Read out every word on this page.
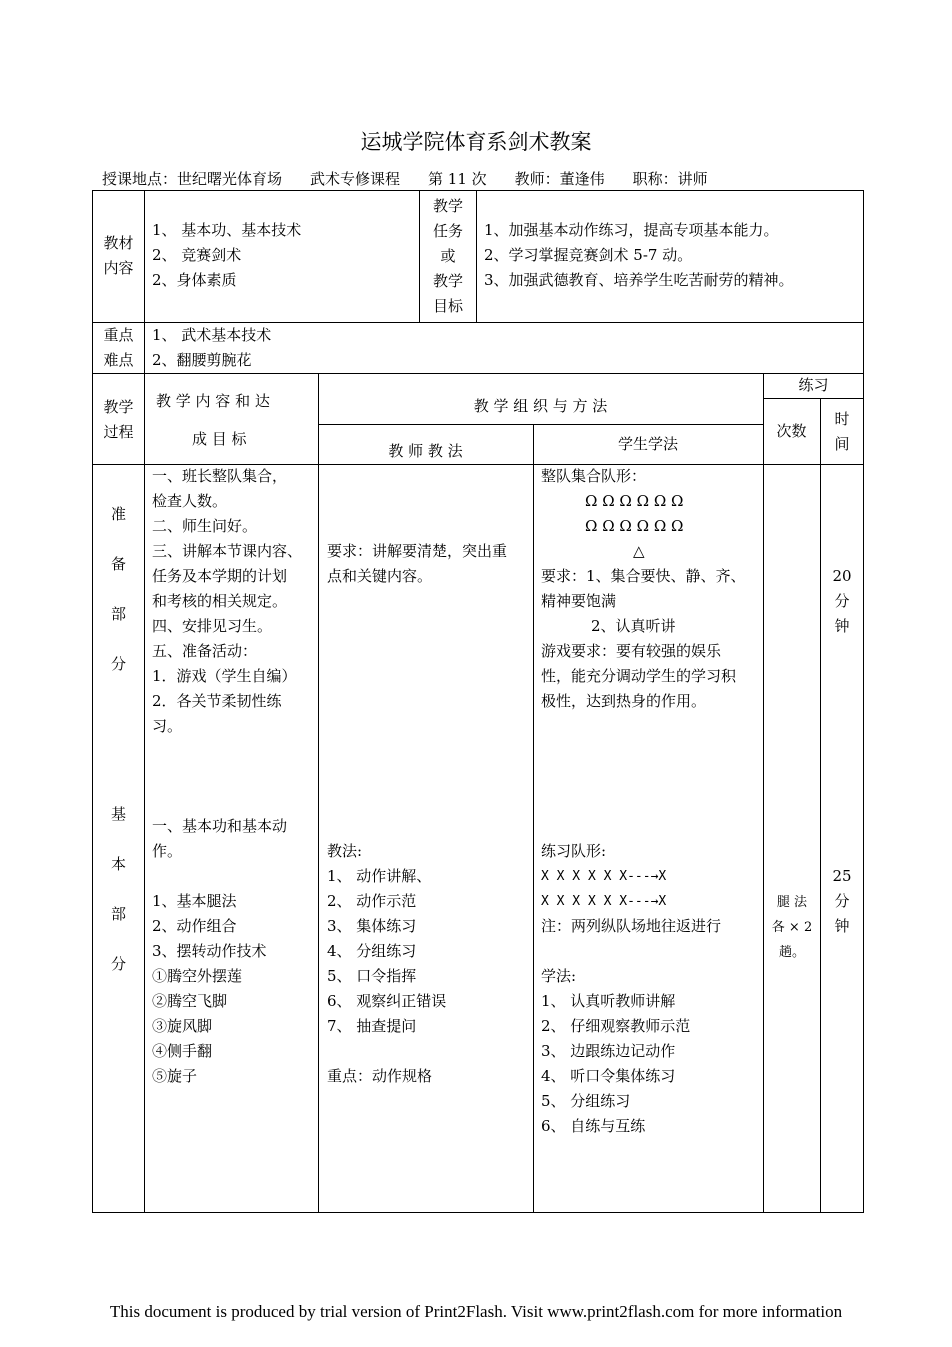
运城学院体育系剑术教案
授课地点：世纪曙光体育场 武术专修课程 第 11 次 教师：董逢伟 职称：讲师
教材
内容
1、 基本功、基本技术
2、 竞赛剑术
2、身体素质
教学
任务
或
教学
目标
1、加强基本动作练习，提高专项基本能力。
2、学习掌握竞赛剑术 5-7 动。
3、加强武德教育、培养学生吃苦耐劳的精神。
重点
难点
1、 武术基本技术
2、翻腰剪腕花
教学
过程
教 学 内 容 和 达
成 目 标
教 学 组 织 与 方 法
教 师 教 法	学生学法
练习
次数
时
间
准
备
部
分
一、班长整队集合，
检查人数。
二、师生问好。
三、讲解本节课内容、
任务及本学期的计划
和考核的相关规定。
四、安排见习生。
五、准备活动：
1．游戏（学生自编）
2．各关节柔韧性练
习。
要求：讲解要清楚，突出重
点和关键内容。
整队集合队形：
Ω Ω Ω Ω Ω Ω
Ω Ω Ω Ω Ω Ω
△
要求：1、集合要快、静、齐、
精神要饱满
2、认真听讲
游戏要求：要有较强的娱乐
性，能充分调动学生的学习积
极性，达到热身的作用。
20
分
钟
基
本
部
分
一、基本功和基本动
作。
1、基本腿法
2、动作组合
3、摆转动作技术
①腾空外摆莲
②腾空飞脚
③旋风脚
④侧手翻
⑤旋子
教法:
1、 动作讲解、
2、 动作示范
3、 集体练习
4、 分组练习
5、 口令指挥
6、 观察纠正错误
7、 抽查提问
重点：动作规格
练习队形:
X X X X X X---→X
X X X X X X---→X
注：两列纵队场地往返进行
学法:
1、 认真听教师讲解
2、 仔细观察教师示范
3、 边跟练边记动作
4、 听口令集体练习
5、 分组练习
6、 自练与互练
腿 法
各 × 2
趟。
25
分
钟
This document is produced by trial version of Print2Flash. Visit www.print2flash.com for more information
